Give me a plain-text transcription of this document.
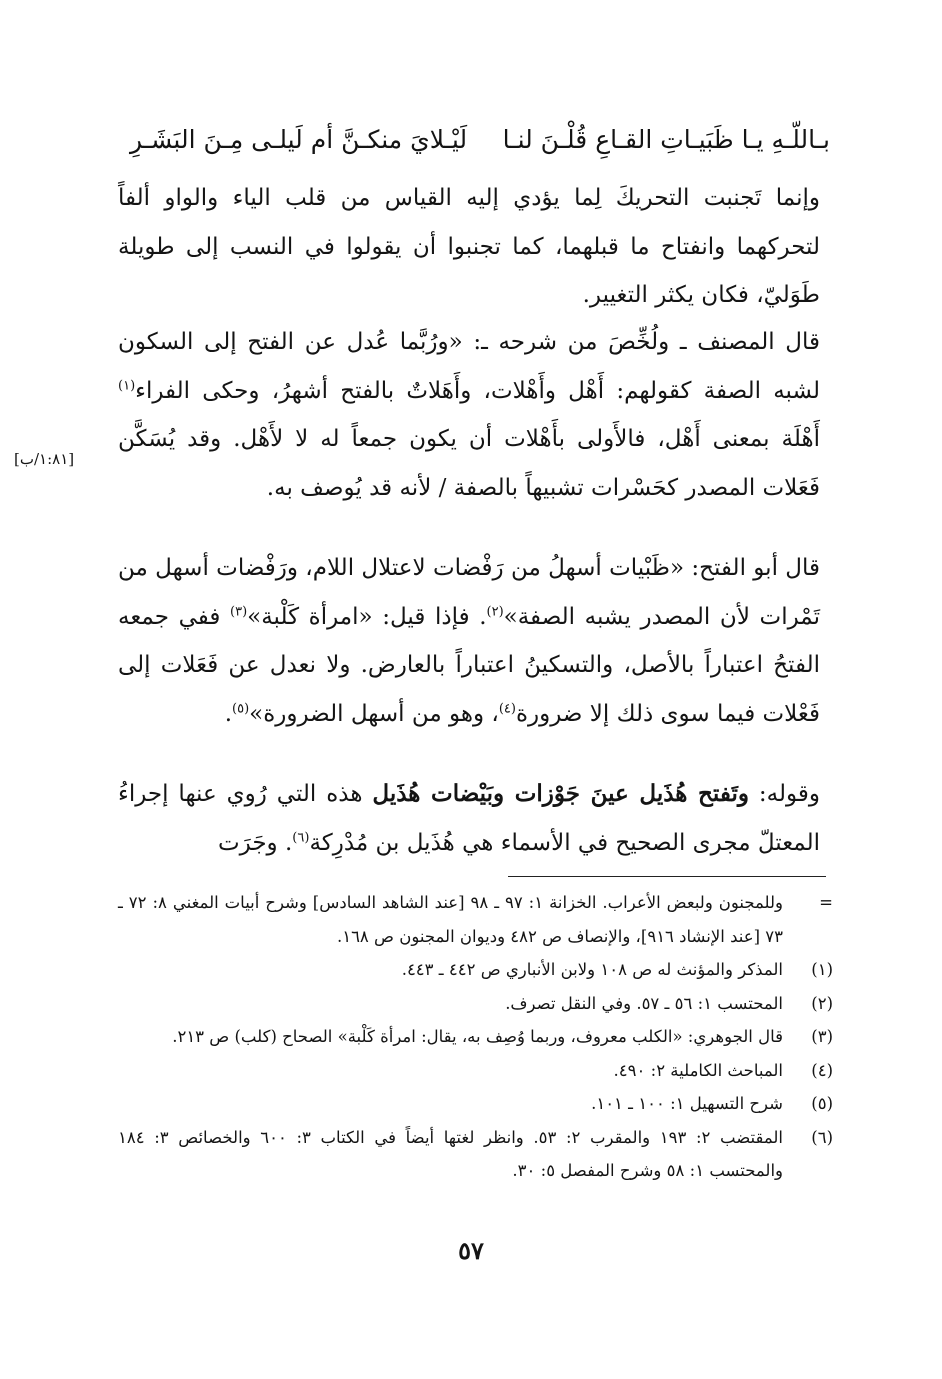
بـاللّـهِ يـا ظَبَيـاتِ القـاعِ قُلْـنَ لنـا
لَيْـلايَ منكـنَّ أم لَيلـى مِـنَ البَشَـرِ
وإنما تَجنبت التحريكَ لِما يؤدي إليه القياس من قلب الياء والواو ألفاً لتحركهما وانفتاح ما قبلهما، كما تجنبوا أن يقولوا في النسب إلى طويلة طَوَليّ، فكان يكثر التغيير.
قال المصنف ـ ولُخِّصَ من شرحه ـ: «ورُبَّما عُدل عن الفتح إلى السكون لشبه الصفة كقولهم: أَهْل وأَهْلات، وأَهَلاتٌ بالفتح أشهرُ، وحكى الفراء$^{(١)}$ أَهْلَة بمعنى أَهْل، فالأَولى بأَهْلات أن يكون جمعاً له لا لأَهْل. وقد يُسَكَّن فَعَلات المصدر كحَسْرات تشبيهاً بالصفة / لأنه قد يُوصف به.
[١:٨١/ب]
قال أبو الفتح: «ظَبْيات أسهلُ من رَفْضات لاعتلال اللام، ورَفْضات أسهل من تَمْرات لأن المصدر يشبه الصفة»$^{(٢)}$. فإذا قيل: «امرأة كَلْبة»$^{(٣)}$ ففي جمعه الفتحُ اعتباراً بالأصل، والتسكينُ اعتباراً بالعارض. ولا نعدل عن فَعَلات إلى فَعْلات فيما سوى ذلك إلا ضرورة$^{(٤)}$، وهو من أسهل الضرورة»$^{(٥)}$.
وقوله: وتَفتح هُذَيل عينَ جَوْزات وبَيْضات هُذَيل هذه التي رُوي عنها إجراءُ المعتلّ مجرى الصحيح في الأسماء هي هُذَيل بن مُدْرِكة$^{(٦)}$. وجَرَت
=
وللمجنون ولبعض الأعراب. الخزانة ١: ٩٧ ـ ٩٨ [عند الشاهد السادس] وشرح أبيات المغني ٨: ٧٢ ـ ٧٣ [عند الإنشاد ٩١٦]، والإنصاف ص ٤٨٢ وديوان المجنون ص ١٦٨.
(١)
المذكر والمؤنث له ص ١٠٨ ولابن الأنباري ص ٤٤٢ ـ ٤٤٣.
(٢)
المحتسب ١: ٥٦ ـ ٥٧. وفي النقل تصرف.
(٣)
قال الجوهري: «الكلب معروف، وربما وُصِف به، يقال: امرأة كَلْبة» الصحاح (كلب) ص ٢١٣.
(٤)
المباحث الكاملية ٢: ٤٩٠.
(٥)
شرح التسهيل ١: ١٠٠ ـ ١٠١.
(٦)
المقتضب ٢: ١٩٣ والمقرب ٢: ٥٣. وانظر لغتها أيضاً في الكتاب ٣: ٦٠٠ والخصائص ٣: ١٨٤ والمحتسب ١: ٥٨ وشرح المفصل ٥: ٣٠.
٥٧
